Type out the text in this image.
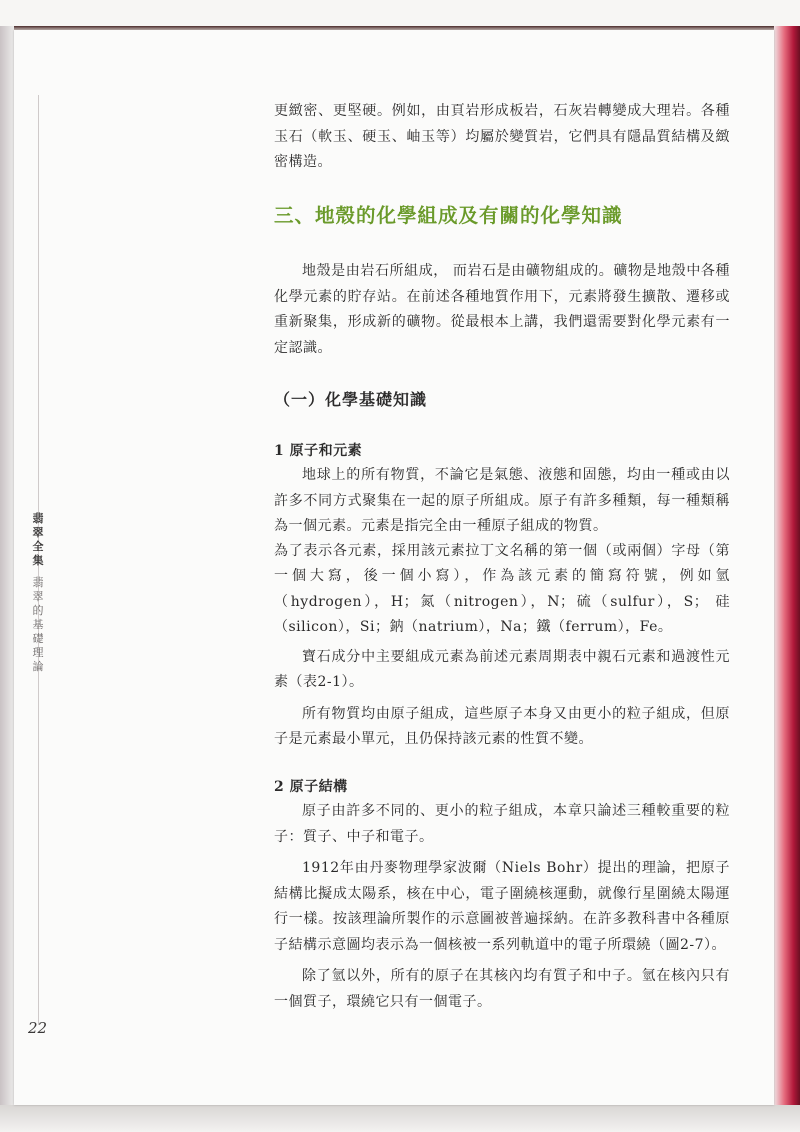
翡翠全集
翡翠的基礎理論
22

更緻密、更堅硬。例如，由頁岩形成板岩，石灰岩轉變成大理岩。各種玉石（軟玉、硬玉、岫玉等）均屬於變質岩，它們具有隱晶質結構及緻密構造。

三、地殼的化學組成及有關的化學知識

地殼是由岩石所組成， 而岩石是由礦物組成的。礦物是地殼中各種化學元素的貯存站。在前述各種地質作用下，元素將發生擴散、遷移或重新聚集，形成新的礦物。從最根本上講，我們還需要對化學元素有一定認識。

（一）化學基礎知識
1 原子和元素

地球上的所有物質，不論它是氣態、液態和固態，均由一種或由以許多不同方式聚集在一起的原子所組成。原子有許多種類，每一種類稱為一個元素。元素是指完全由一種原子組成的物質。

為了表示各元素，採用該元素拉丁文名稱的第一個（或兩個）字母（第一個大寫，後一個小寫），作為該元素的簡寫符號，例如氫（hydrogen），H；氮（nitrogen），N；硫（sulfur），S； 硅（silicon），Si；鈉（natrium），Na；鐵（ferrum），Fe。

寶石成分中主要組成元素為前述元素周期表中親石元素和過渡性元素（表2-1）。

所有物質均由原子組成，這些原子本身又由更小的粒子組成，但原子是元素最小單元，且仍保持該元素的性質不變。

2 原子結構

原子由許多不同的、更小的粒子組成，本章只論述三種較重要的粒子：質子、中子和電子。

1912年由丹麥物理學家波爾（Niels Bohr）提出的理論，把原子結構比擬成太陽系，核在中心，電子圍繞核運動，就像行星圍繞太陽運行一樣。按該理論所製作的示意圖被普遍採納。在許多教科書中各種原子結構示意圖均表示為一個核被一系列軌道中的電子所環繞（圖2-7）。

除了氫以外，所有的原子在其核內均有質子和中子。氫在核內只有一個質子，環繞它只有一個電子。
